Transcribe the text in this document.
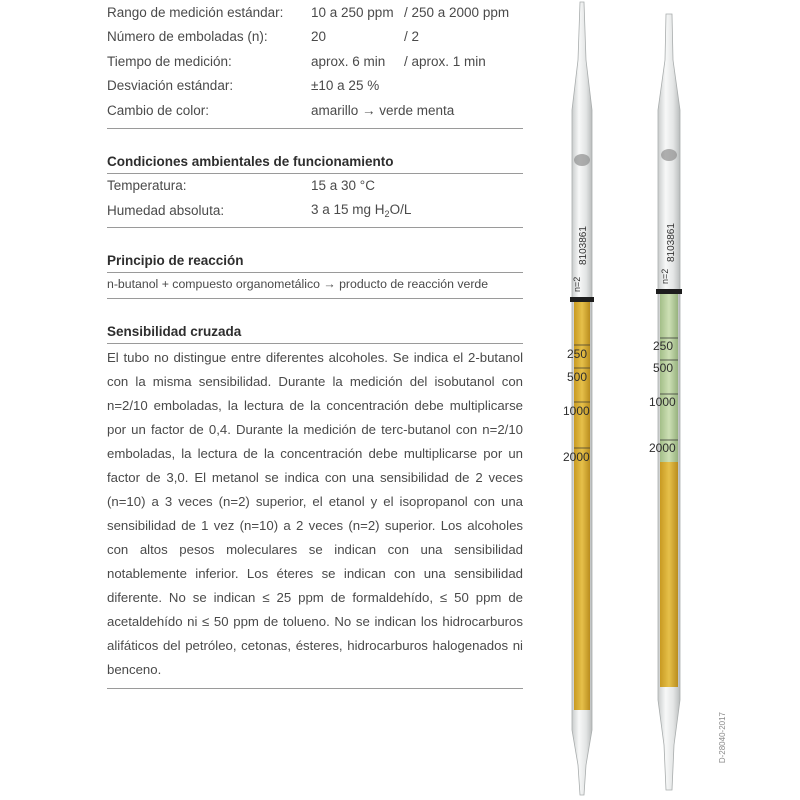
Rango de medición estándar:	10 a 250 ppm / 250 a 2000 ppm
Número de emboladas (n):	20	/ 2
Tiempo de medición:	aprox. 6 min	/ aprox. 1 min
Desviación estándar:	±10 a 25 %
Cambio de color:	amarillo → verde menta
Condiciones ambientales de funcionamiento
Temperatura:	15 a 30 °C
Humedad absoluta:	3 a 15 mg $H_2O/L$
Principio de reacción
n-butanol + compuesto organometálico → producto de reacción verde
Sensibilidad cruzada
El tubo no distingue entre diferentes alcoholes. Se indica el 2-butanol con la misma sensibilidad. Durante la medición del isobutanol con n=2/10 emboladas, la lectura de la concentración debe multiplicarse por un factor de 0,4. Durante la medición de terc-butanol con n=2/10 emboladas, la lectura de la concentración debe multiplicarse por un factor de 3,0. El metanol se indica con una sensibilidad de 2 veces (n=10) a 3 veces (n=2) superior, el etanol y el isopropanol con una sensibilidad de 1 vez (n=10) a 2 veces (n=2) superior. Los alcoholes con altos pesos moleculares se indican con una sensibilidad notablemente inferior. Los éteres se indican con una sensibilidad diferente. No se indican ≤ 25 ppm de formaldehído, ≤ 50 ppm de acetaldehído ni ≤ 50 ppm de tolueno. No se indican los hidrocarburos alifáticos del petróleo, cetonas, ésteres, hidrocarburos halogenados ni benceno.
8103861
n=2
250
500
1000
2000
8103861
n=2
250
500
1000
2000
D-28040-2017
